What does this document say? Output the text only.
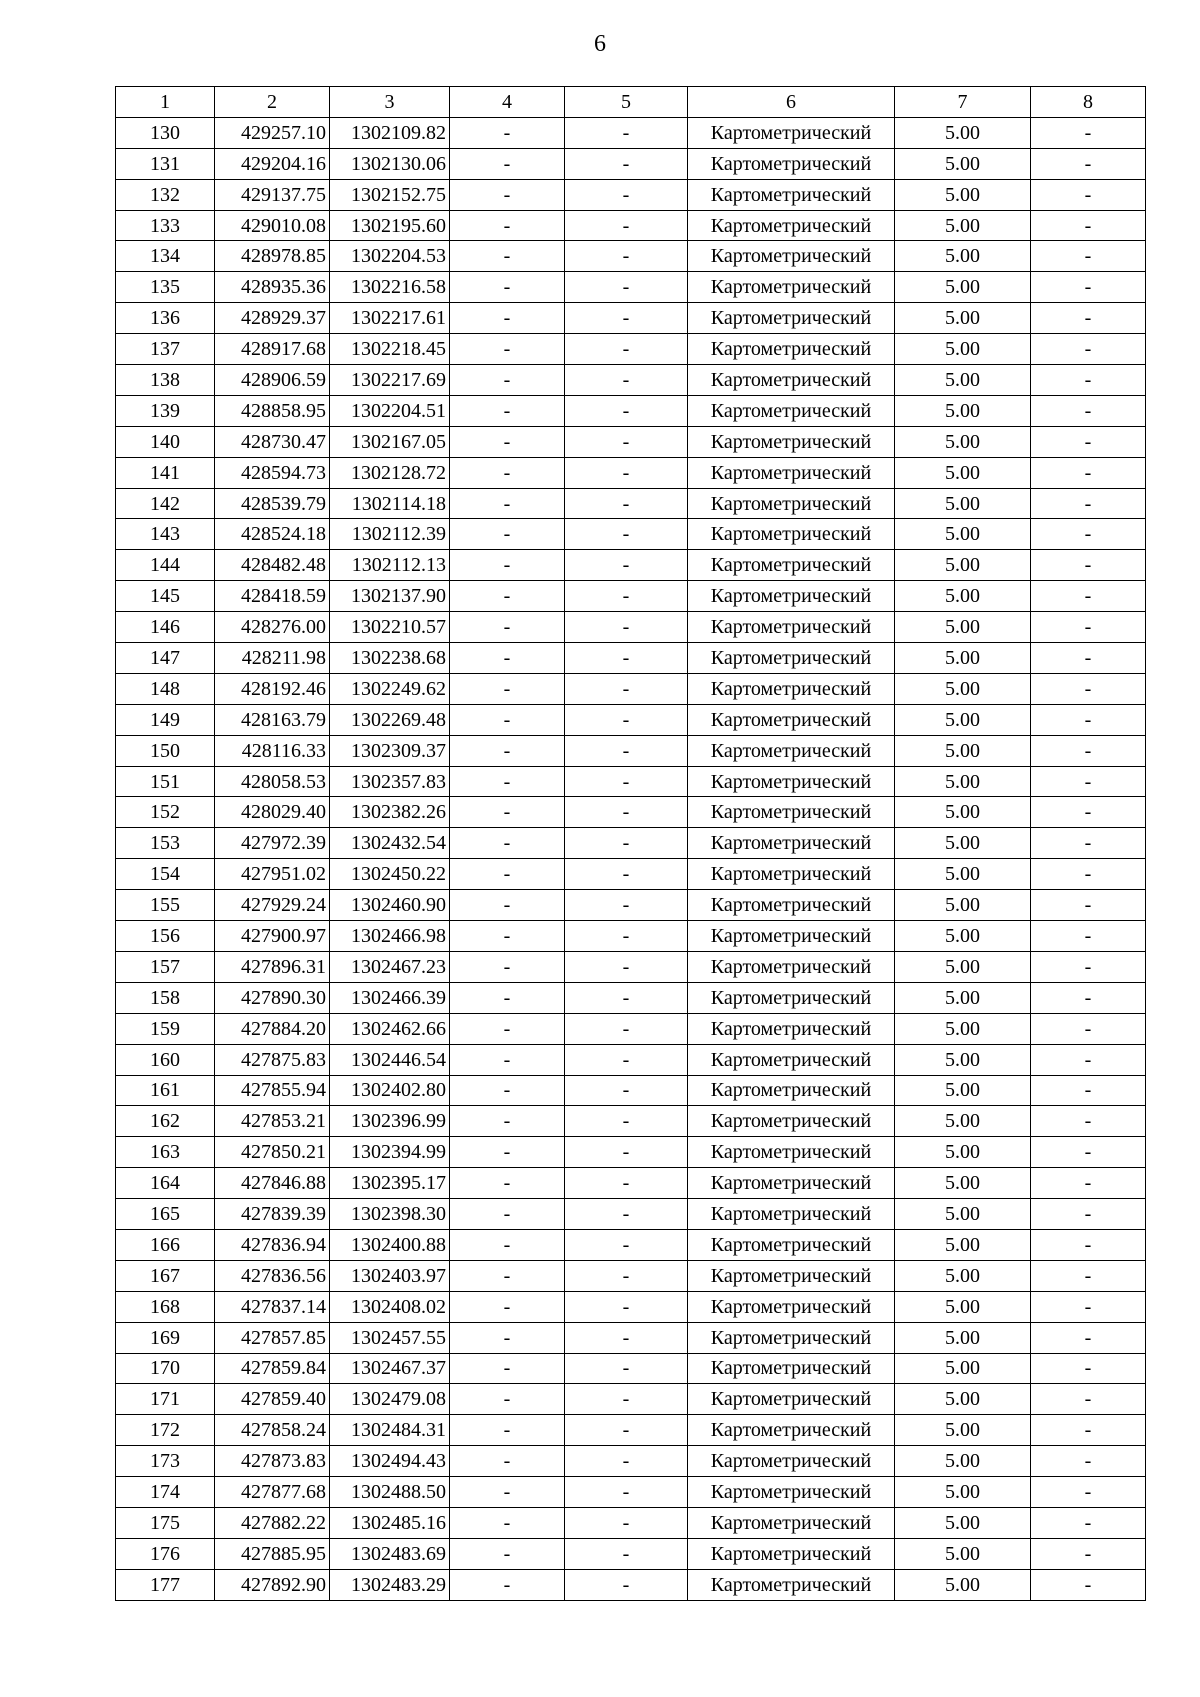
6
1	2	3	4	5	6	7	8
130	429257.10	1302109.82	-	-	Картометрический	5.00	-
131	429204.16	1302130.06	-	-	Картометрический	5.00	-
132	429137.75	1302152.75	-	-	Картометрический	5.00	-
133	429010.08	1302195.60	-	-	Картометрический	5.00	-
134	428978.85	1302204.53	-	-	Картометрический	5.00	-
135	428935.36	1302216.58	-	-	Картометрический	5.00	-
136	428929.37	1302217.61	-	-	Картометрический	5.00	-
137	428917.68	1302218.45	-	-	Картометрический	5.00	-
138	428906.59	1302217.69	-	-	Картометрический	5.00	-
139	428858.95	1302204.51	-	-	Картометрический	5.00	-
140	428730.47	1302167.05	-	-	Картометрический	5.00	-
141	428594.73	1302128.72	-	-	Картометрический	5.00	-
142	428539.79	1302114.18	-	-	Картометрический	5.00	-
143	428524.18	1302112.39	-	-	Картометрический	5.00	-
144	428482.48	1302112.13	-	-	Картометрический	5.00	-
145	428418.59	1302137.90	-	-	Картометрический	5.00	-
146	428276.00	1302210.57	-	-	Картометрический	5.00	-
147	428211.98	1302238.68	-	-	Картометрический	5.00	-
148	428192.46	1302249.62	-	-	Картометрический	5.00	-
149	428163.79	1302269.48	-	-	Картометрический	5.00	-
150	428116.33	1302309.37	-	-	Картометрический	5.00	-
151	428058.53	1302357.83	-	-	Картометрический	5.00	-
152	428029.40	1302382.26	-	-	Картометрический	5.00	-
153	427972.39	1302432.54	-	-	Картометрический	5.00	-
154	427951.02	1302450.22	-	-	Картометрический	5.00	-
155	427929.24	1302460.90	-	-	Картометрический	5.00	-
156	427900.97	1302466.98	-	-	Картометрический	5.00	-
157	427896.31	1302467.23	-	-	Картометрический	5.00	-
158	427890.30	1302466.39	-	-	Картометрический	5.00	-
159	427884.20	1302462.66	-	-	Картометрический	5.00	-
160	427875.83	1302446.54	-	-	Картометрический	5.00	-
161	427855.94	1302402.80	-	-	Картометрический	5.00	-
162	427853.21	1302396.99	-	-	Картометрический	5.00	-
163	427850.21	1302394.99	-	-	Картометрический	5.00	-
164	427846.88	1302395.17	-	-	Картометрический	5.00	-
165	427839.39	1302398.30	-	-	Картометрический	5.00	-
166	427836.94	1302400.88	-	-	Картометрический	5.00	-
167	427836.56	1302403.97	-	-	Картометрический	5.00	-
168	427837.14	1302408.02	-	-	Картометрический	5.00	-
169	427857.85	1302457.55	-	-	Картометрический	5.00	-
170	427859.84	1302467.37	-	-	Картометрический	5.00	-
171	427859.40	1302479.08	-	-	Картометрический	5.00	-
172	427858.24	1302484.31	-	-	Картометрический	5.00	-
173	427873.83	1302494.43	-	-	Картометрический	5.00	-
174	427877.68	1302488.50	-	-	Картометрический	5.00	-
175	427882.22	1302485.16	-	-	Картометрический	5.00	-
176	427885.95	1302483.69	-	-	Картометрический	5.00	-
177	427892.90	1302483.29	-	-	Картометрический	5.00	-
